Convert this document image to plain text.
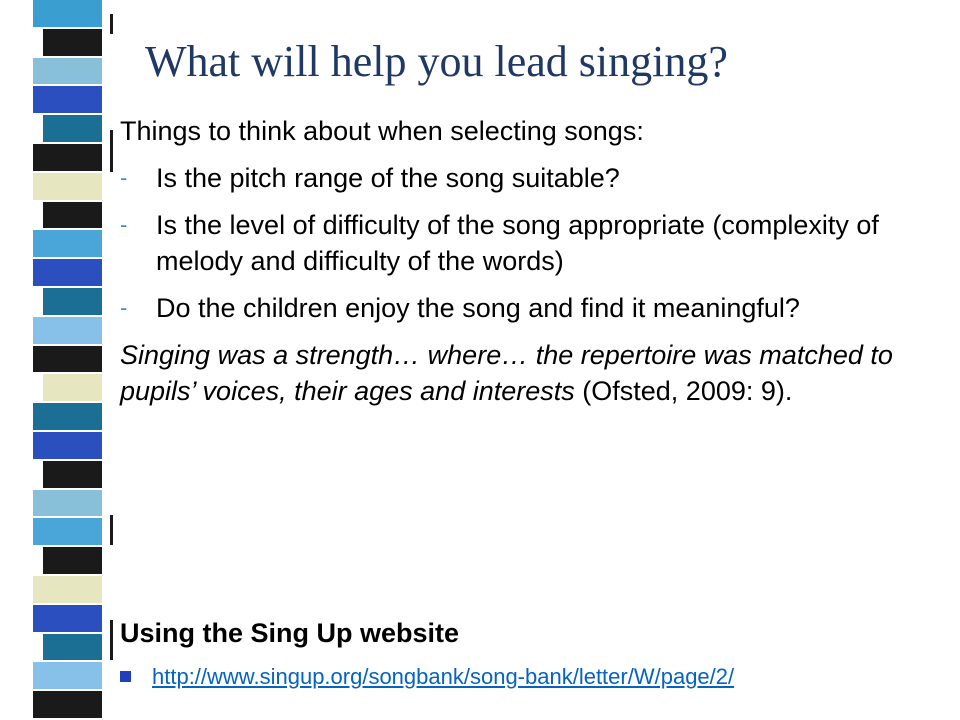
What will help you lead singing?

Things to think about when selecting songs:

- Is the pitch range of the song suitable?
- Is the level of difficulty of the song appropriate (complexity of melody and difficulty of the words)
- Do the children enjoy the song and find it meaningful?

Singing was a strength… where… the repertoire was matched to pupils’ voices, their ages and interests (Ofsted, 2009: 9).

Using the Sing Up website

http://www.singup.org/songbank/song-bank/letter/W/page/2/
